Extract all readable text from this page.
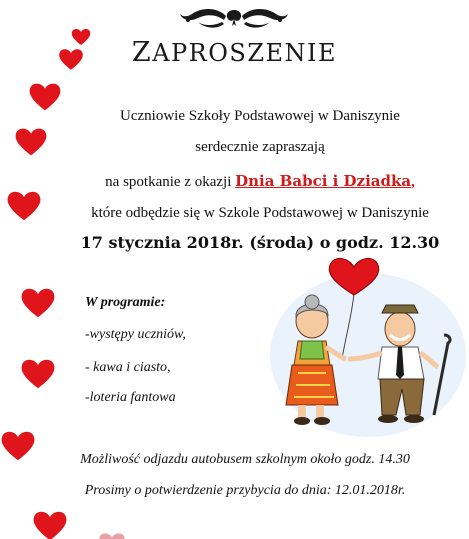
ZAPROSZENIE
Uczniowie Szkoły Podstawowej w Daniszynie
serdecznie zapraszają
na spotkanie z okazji Dnia Babci i Dziadka,
które odbędzie się w Szkole Podstawowej w Daniszynie
17 stycznia 2018r. (środa) o godz. 12.30
W programie:
-występy uczniów,
- kawa i ciasto,
-loteria fantowa
Możliwość odjazdu autobusem szkolnym około godz. 14.30
Prosimy o potwierdzenie przybycia do dnia: 12.01.2018r.
